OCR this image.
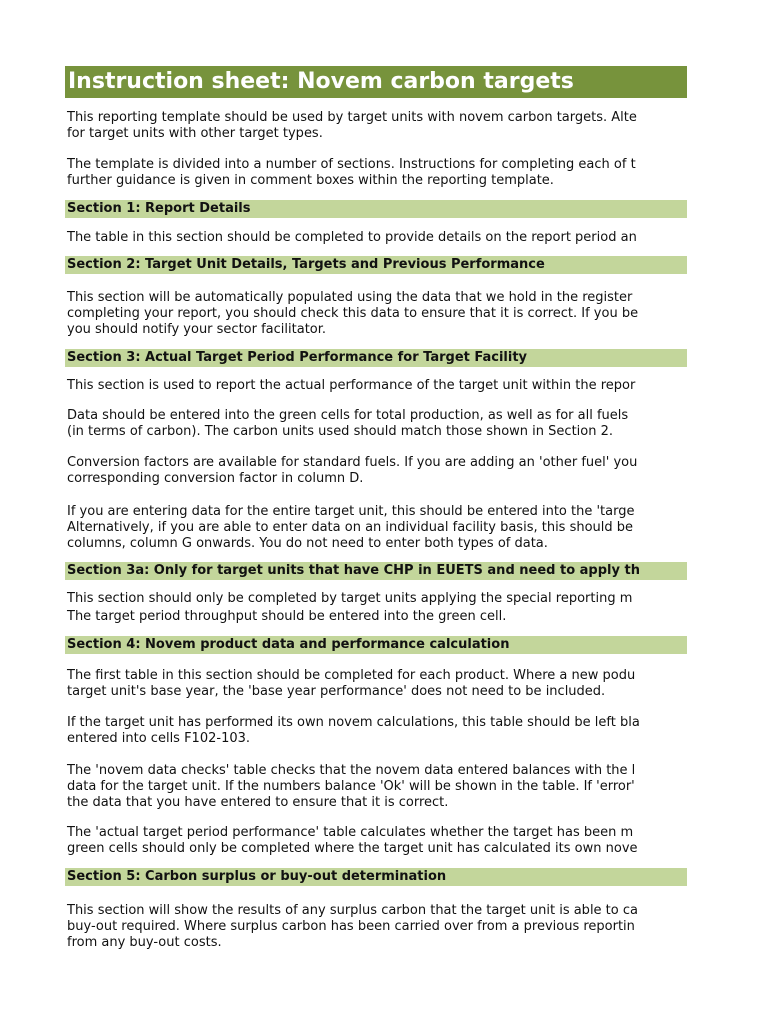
Instruction sheet: Novem carbon targets
This reporting template should be used by target units with novem carbon targets. Alte
for target units with other target types.
The template is divided into a number of sections. Instructions for completing each of t
further guidance is given in comment boxes within the reporting template.
Section 1: Report Details
The table in this section should be completed to provide details on the report period an
Section 2: Target Unit Details, Targets and Previous Performance
This section will be automatically populated using the data that we hold in the register
completing your report, you should check this data to ensure that it is correct. If you be
you should notify your sector facilitator.
Section 3: Actual Target Period Performance for Target Facility
This section is used to report the actual performance of the target unit within the repor
Data should be entered into the green cells for total production, as well as for all fuels
(in terms of carbon). The carbon units used should match those shown in Section 2.
Conversion factors are available for standard fuels. If you are adding an 'other fuel' you
corresponding conversion factor in column D.
If you are entering data for the entire target unit, this should be entered into the 'targe
Alternatively, if you are able to enter data on an individual facility basis, this should be
columns, column G onwards. You do not need to enter both types of data.
Section 3a: Only for target units that have CHP in EUETS and need to apply th
This section should only be completed by target units applying the special reporting m
The target period throughput should be entered into the green cell.
Section 4: Novem product data and performance calculation
The first table in this section should be completed for each product. Where a new podu
target unit's base year, the 'base year performance' does not need to be included.
If the target unit has performed its own novem calculations, this table should be left bla
entered into cells F102-103.
The 'novem data checks' table checks that the novem data entered balances with the l
data for the target unit. If the numbers balance 'Ok' will be shown in the table. If 'error'
the data that you have entered to ensure that it is correct.
The 'actual target period performance' table calculates whether the target has been m
green cells should only be completed where the target unit has calculated its own nove
Section 5: Carbon surplus or buy-out determination
This section will show the results of any surplus carbon that the target unit is able to ca
buy-out required. Where surplus carbon has been carried over from a previous reportin
from any buy-out costs.
